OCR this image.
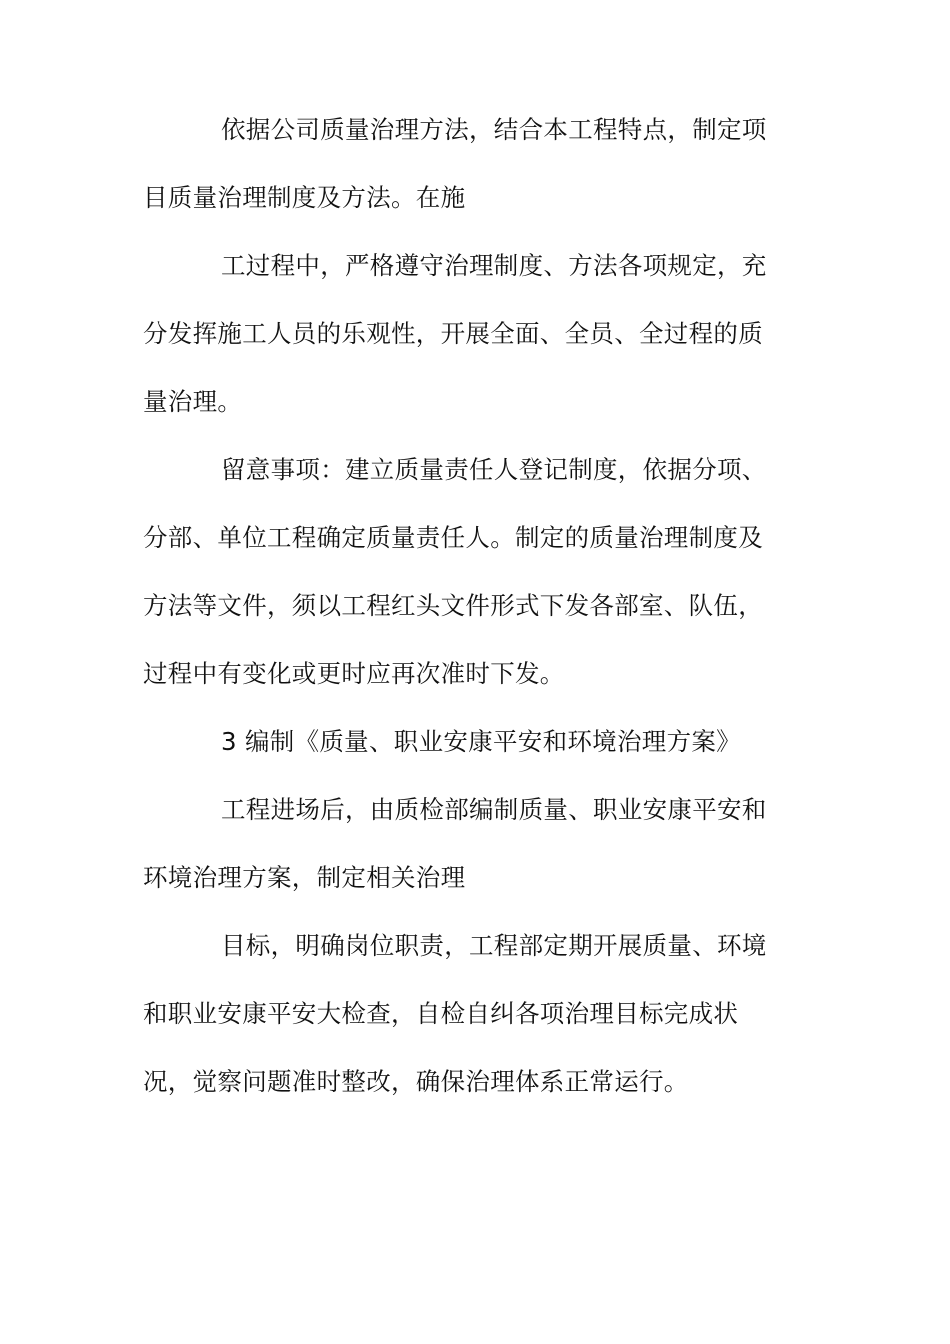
依据公司质量治理方法，结合本工程特点，制定项
目质量治理制度及方法。在施
工过程中，严格遵守治理制度、方法各项规定，充
分发挥施工人员的乐观性，开展全面、全员、全过程的质
量治理。
留意事项：建立质量责任人登记制度，依据分项、
分部、单位工程确定质量责任人。制定的质量治理制度及
方法等文件，须以工程红头文件形式下发各部室、队伍，
过程中有变化或更时应再次准时下发。
3 编制《质量、职业安康平安和环境治理方案》
工程进场后，由质检部编制质量、职业安康平安和
环境治理方案，制定相关治理
目标，明确岗位职责，工程部定期开展质量、环境
和职业安康平安大检查，自检自纠各项治理目标完成状
况，觉察问题准时整改，确保治理体系正常运行。
